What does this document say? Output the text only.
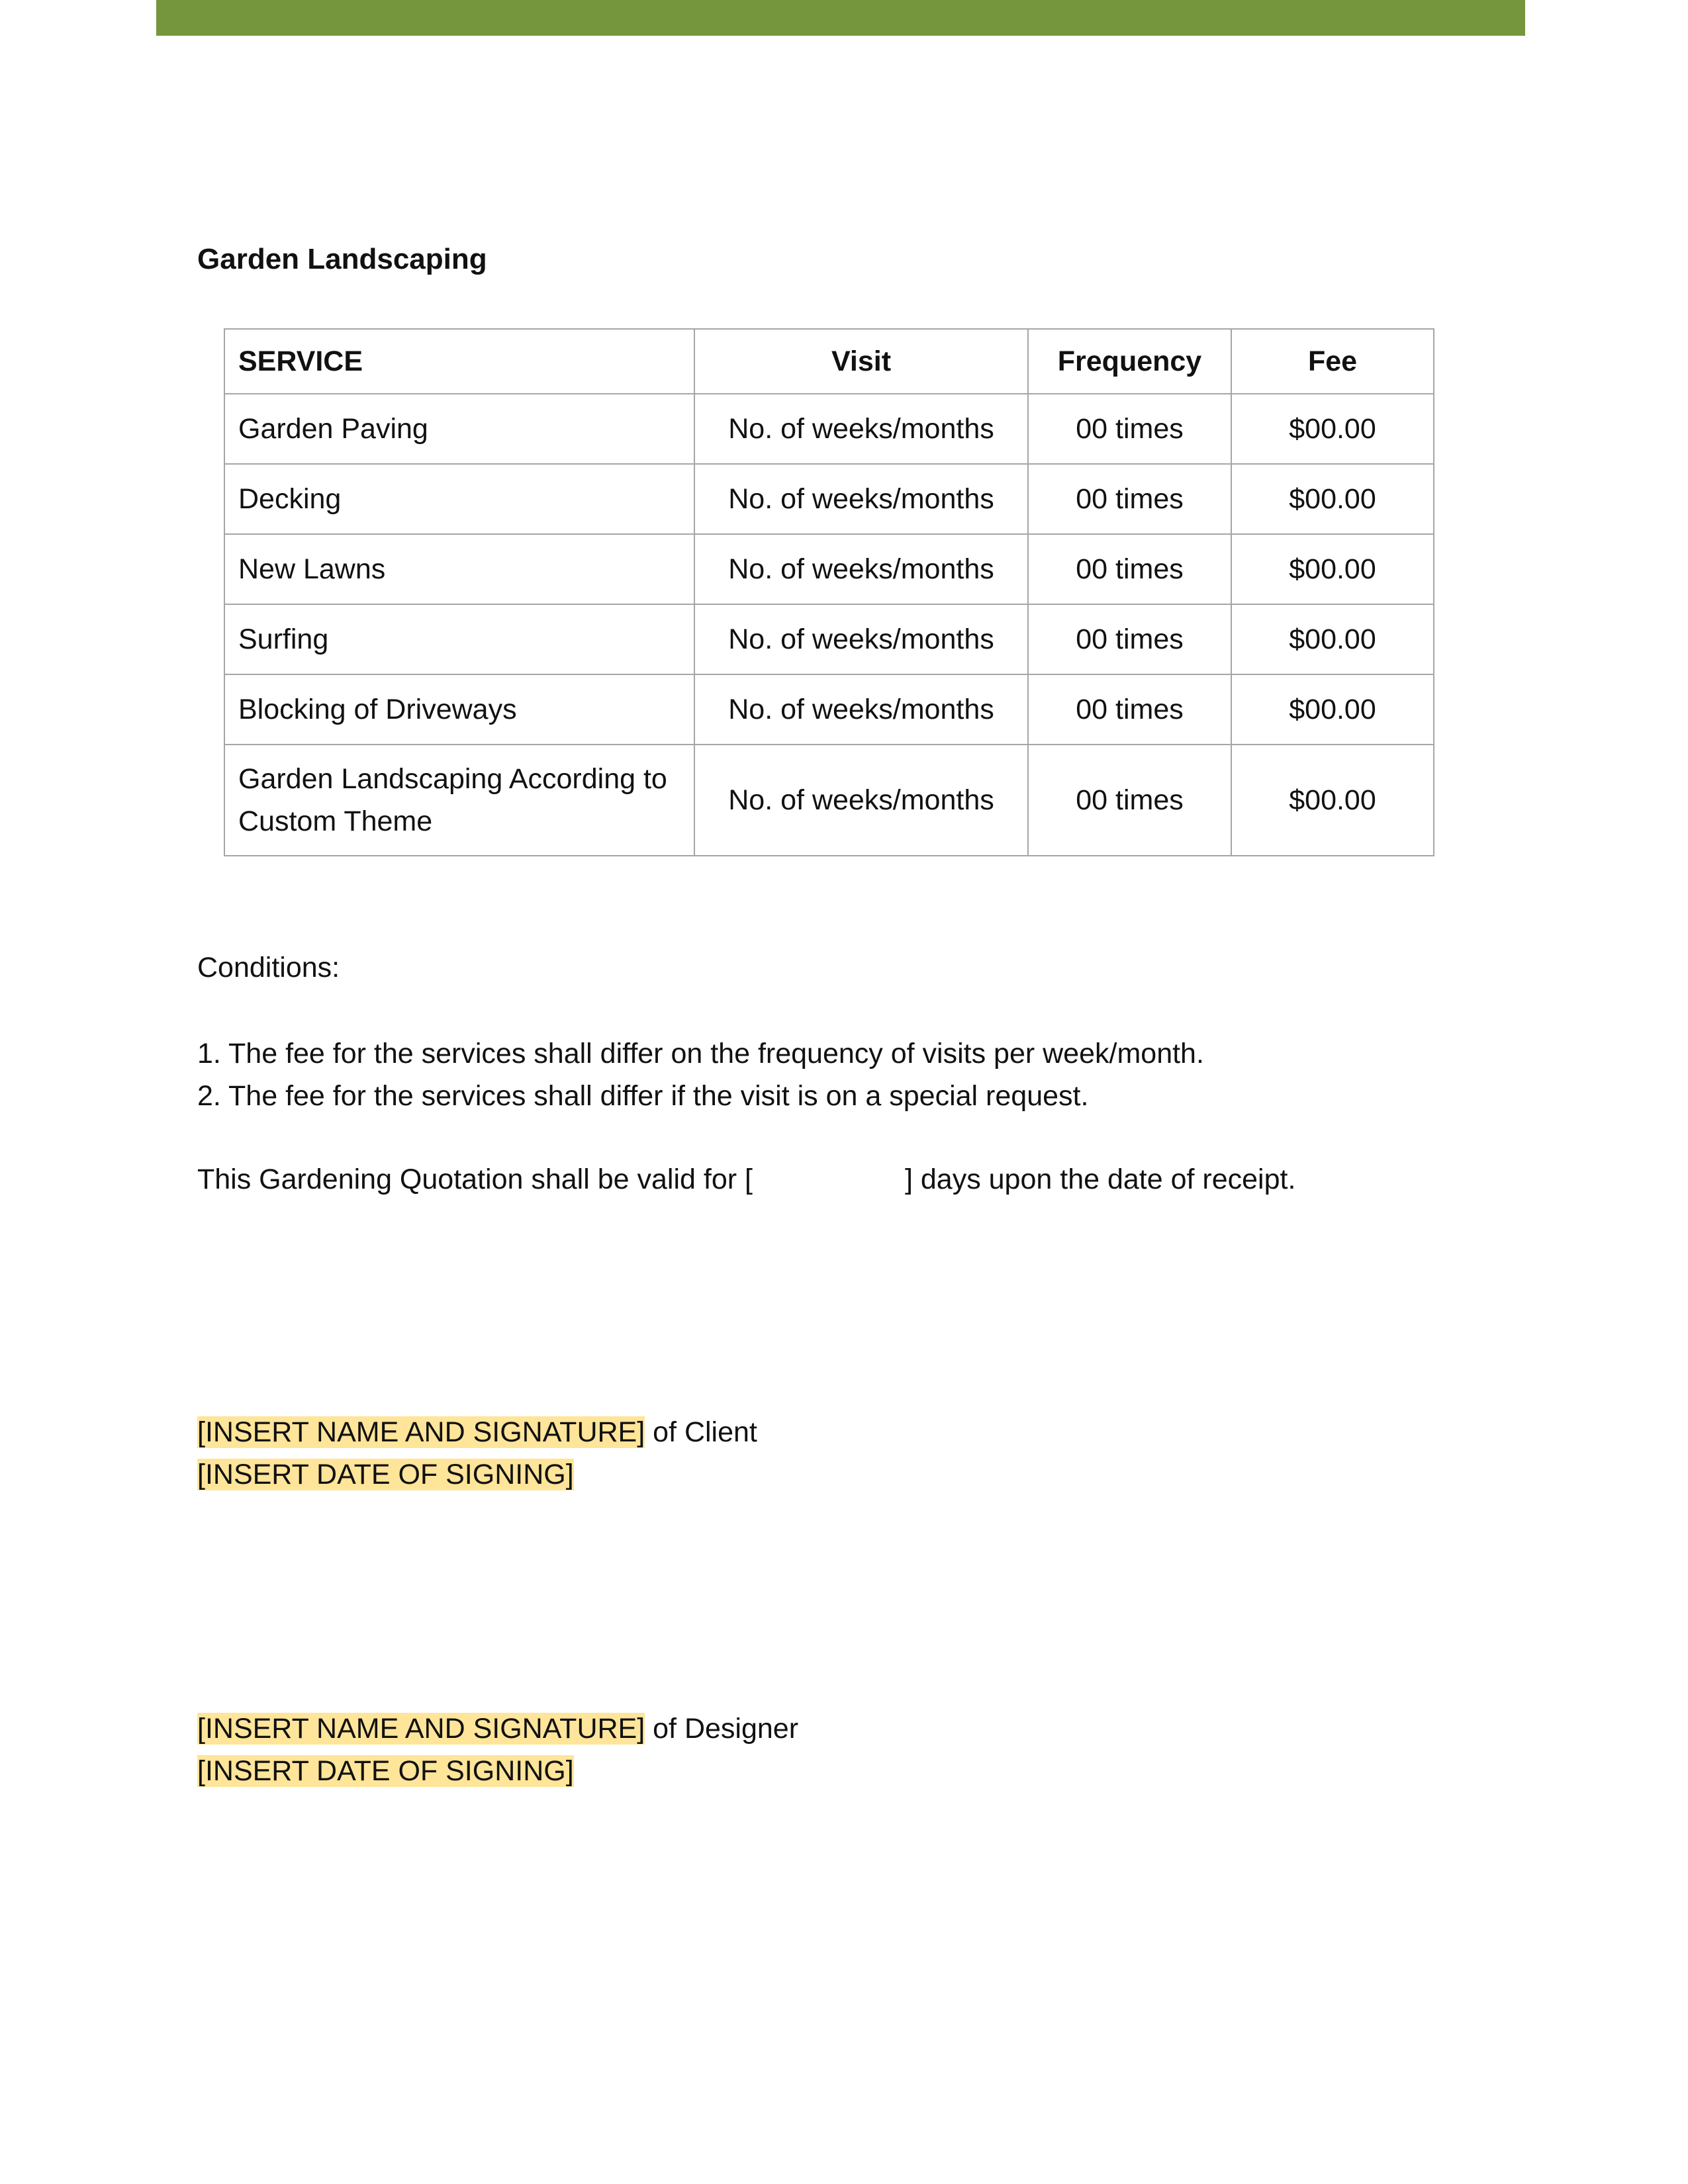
Garden Landscaping
SERVICE	Visit	Frequency	Fee
Garden Paving	No. of weeks/months	00 times	$00.00
Decking	No. of weeks/months	00 times	$00.00
New Lawns	No. of weeks/months	00 times	$00.00
Surfing	No. of weeks/months	00 times	$00.00
Blocking of Driveways	No. of weeks/months	00 times	$00.00
Garden Landscaping According to Custom Theme	No. of weeks/months	00 times	$00.00

Conditions:

1. The fee for the services shall differ on the frequency of visits per week/month.
2. The fee for the services shall differ if the visit is on a special request.

This Gardening Quotation shall be valid for [	] days upon the date of receipt.

[INSERT NAME AND SIGNATURE] of Client
[INSERT DATE OF SIGNING]
[INSERT NAME AND SIGNATURE] of Designer
[INSERT DATE OF SIGNING]
